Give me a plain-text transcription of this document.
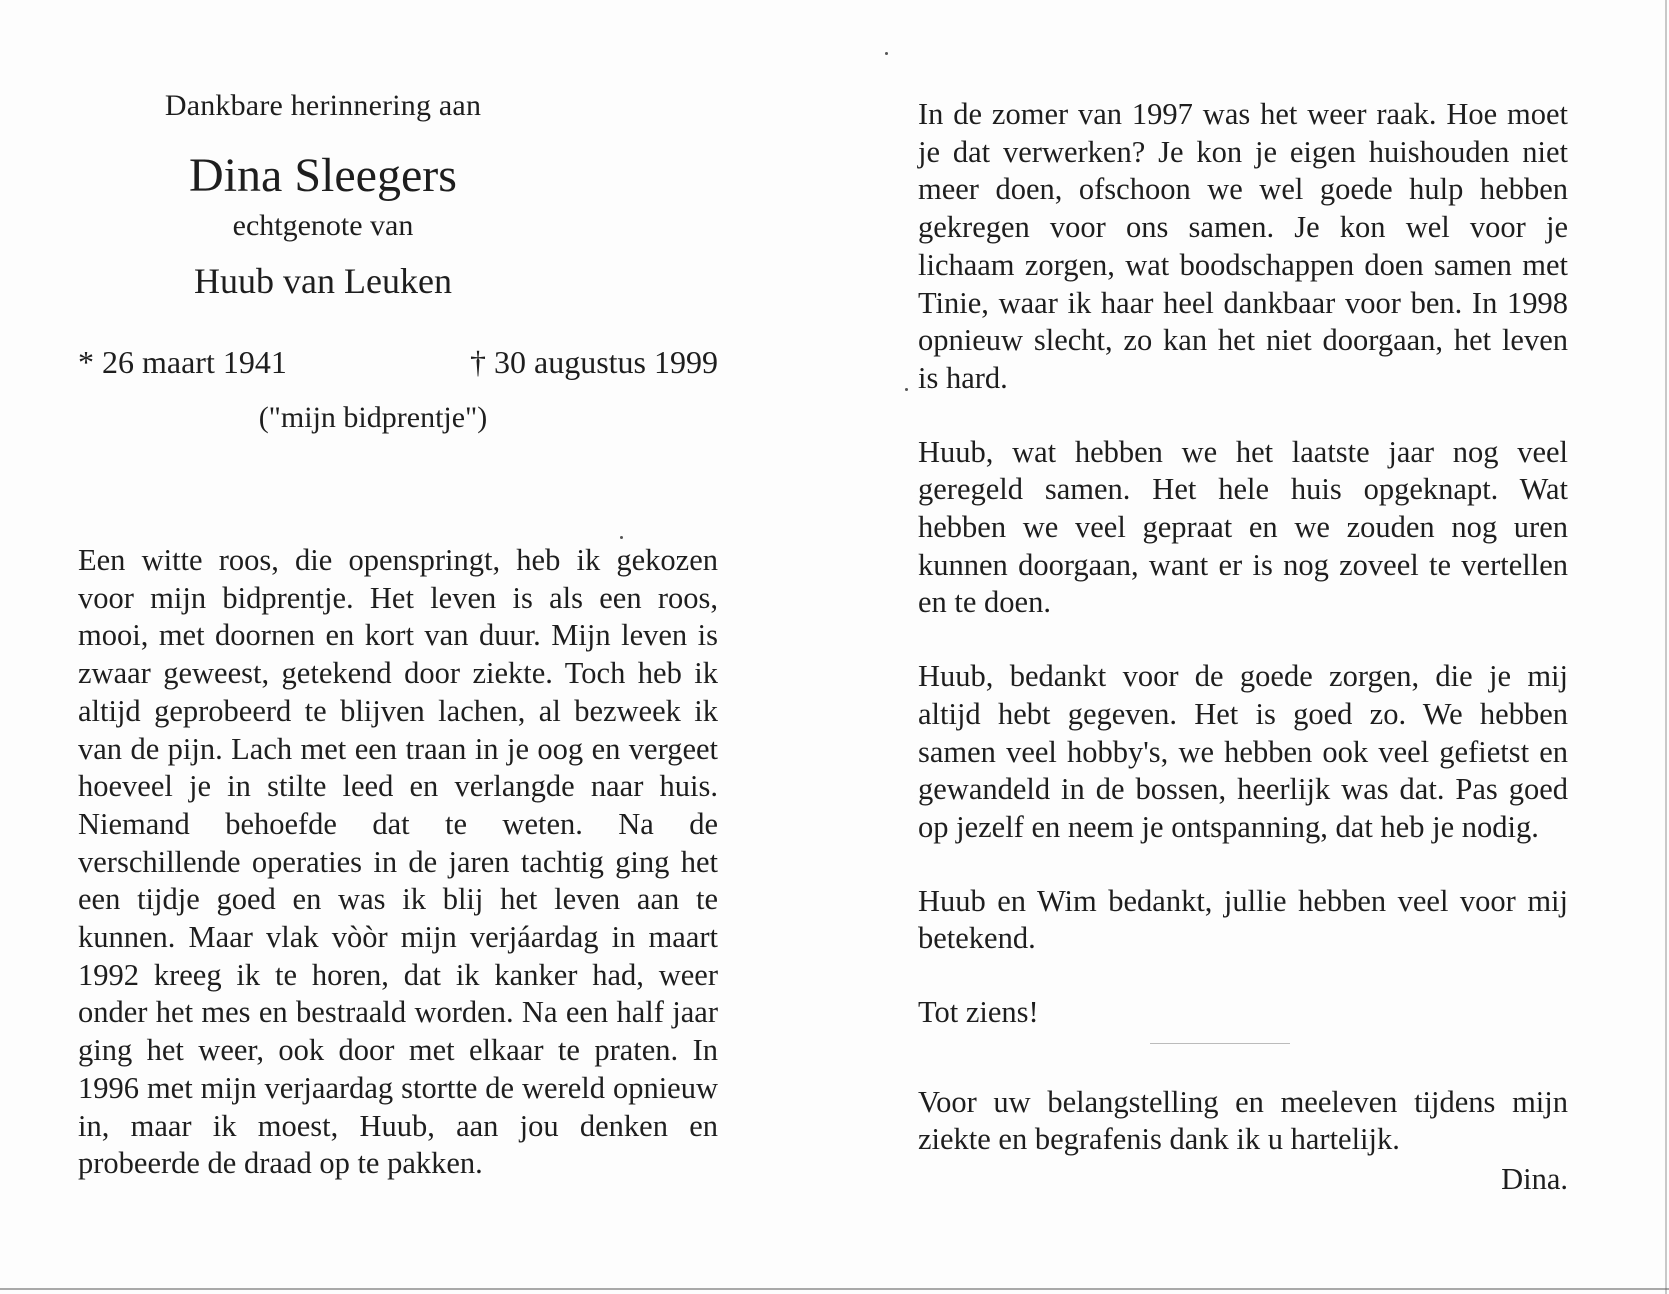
Dankbare herinnering aan

Dina Sleegers

echtgenote van

Huub van Leuken

* 26 maart 1941	† 30 augustus 1999

("mijn bidprentje")

Een witte roos, die openspringt, heb ik gekozen voor mijn bidprentje. Het leven is als een roos, mooi, met doornen en kort van duur. Mijn leven is zwaar geweest, getekend door ziekte. Toch heb ik altijd geprobeerd te blijven lachen, al bezweek ik van de pijn. Lach met een traan in je oog en vergeet hoeveel je in stilte leed en verlangde naar huis. Niemand behoefde dat te weten. Na de verschillende operaties in de jaren tachtig ging het een tijdje goed en was ik blij het leven aan te kunnen. Maar vlak vòòr mijn verjáardag in maart 1992 kreeg ik te horen, dat ik kanker had, weer onder het mes en bestraald worden. Na een half jaar ging het weer, ook door met elkaar te praten. In 1996 met mijn verjaardag stortte de wereld opnieuw in, maar ik moest, Huub, aan jou denken en probeerde de draad op te pakken.

In de zomer van 1997 was het weer raak. Hoe moet je dat verwerken? Je kon je eigen huishouden niet meer doen, ofschoon we wel goede hulp hebben gekregen voor ons samen. Je kon wel voor je lichaam zorgen, wat boodschappen doen samen met Tinie, waar ik haar heel dankbaar voor ben. In 1998 opnieuw slecht, zo kan het niet doorgaan, het leven is hard.

Huub, wat hebben we het laatste jaar nog veel geregeld samen. Het hele huis opgeknapt. Wat hebben we veel gepraat en we zouden nog uren kunnen doorgaan, want er is nog zoveel te vertellen en te doen.

Huub, bedankt voor de goede zorgen, die je mij altijd hebt gegeven. Het is goed zo. We hebben samen veel hobby's, we hebben ook veel gefietst en gewandeld in de bossen, heerlijk was dat. Pas goed op jezelf en neem je ontspanning, dat heb je nodig.

Huub en Wim bedankt, jullie hebben veel voor mij betekend.

Tot ziens!

Voor uw belangstelling en meeleven tijdens mijn ziekte en begrafenis dank ik u hartelijk.

Dina.
